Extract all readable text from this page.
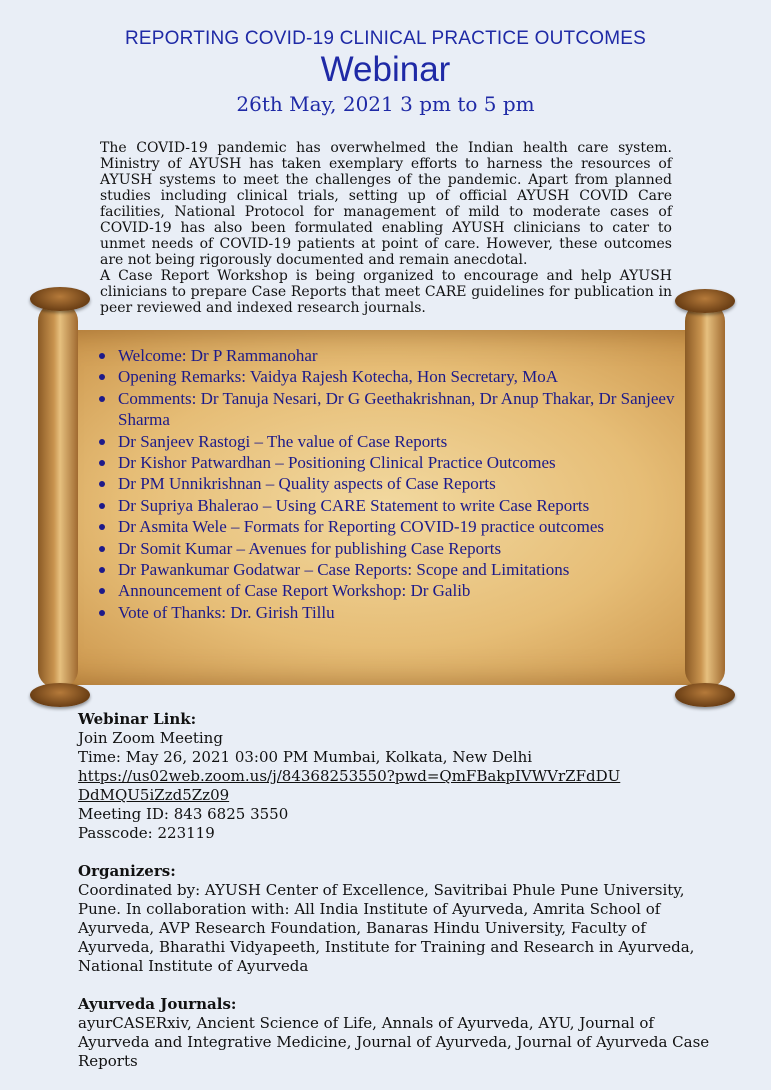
REPORTING COVID-19 CLINICAL PRACTICE OUTCOMES
Webinar
26th May, 2021 3 pm to 5 pm

The COVID-19 pandemic has overwhelmed the Indian health care system. Ministry of AYUSH has taken exemplary efforts to harness the resources of AYUSH systems to meet the challenges of the pandemic. Apart from planned studies including clinical trials, setting up of official AYUSH COVID Care facilities, National Protocol for management of mild to moderate cases of COVID-19 has also been formulated enabling AYUSH clinicians to cater to unmet needs of COVID-19 patients at point of care. However, these outcomes are not being rigorously documented and remain anecdotal.

A Case Report Workshop is being organized to encourage and help AYUSH clinicians to prepare Case Reports that meet CARE guidelines for publication in peer reviewed and indexed research journals.

Welcome: Dr P Rammanohar
Opening Remarks: Vaidya Rajesh Kotecha, Hon Secretary, MoA
Comments: Dr Tanuja Nesari, Dr G Geethakrishnan, Dr Anup Thakar, Dr Sanjeev Sharma
Dr Sanjeev Rastogi – The value of Case Reports
Dr Kishor Patwardhan – Positioning Clinical Practice Outcomes
Dr PM Unnikrishnan – Quality aspects of Case Reports
Dr Supriya Bhalerao – Using CARE Statement to write Case Reports
Dr Asmita Wele – Formats for Reporting COVID-19 practice outcomes
Dr Somit Kumar – Avenues for publishing Case Reports
Dr Pawankumar Godatwar – Case Reports: Scope and Limitations
Announcement of Case Report Workshop: Dr Galib
Vote of Thanks: Dr. Girish Tillu
Webinar Link:
Join Zoom Meeting
Time: May 26, 2021 03:00 PM Mumbai, Kolkata, New Delhi
https://us02web.zoom.us/j/84368253550?pwd=QmFBakpIVWVrZFdDU
DdMQU5iZzd5Zz09
Meeting ID: 843 6825 3550
Passcode: 223119
Organizers:
Coordinated by: AYUSH Center of Excellence, Savitribai Phule Pune University, Pune. In collaboration with: All India Institute of Ayurveda, Amrita School of Ayurveda, AVP Research Foundation, Banaras Hindu University, Faculty of Ayurveda, Bharathi Vidyapeeth, Institute for Training and Research in Ayurveda, National Institute of Ayurveda
Ayurveda Journals:
ayurCASERxiv, Ancient Science of Life, Annals of Ayurveda, AYU, Journal of Ayurveda and Integrative Medicine, Journal of Ayurveda, Journal of Ayurveda Case Reports
